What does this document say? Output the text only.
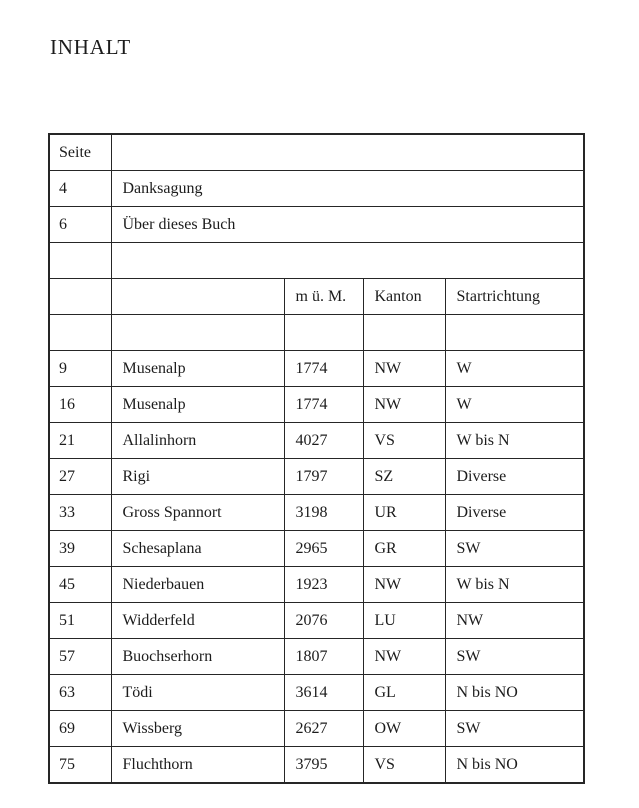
INHALT
Seite				
4	Danksagung			
6	Über dieses Buch			

		m ü. M.	Kanton	Startrichtung

9	Musenalp	1774	NW	W
16	Musenalp	1774	NW	W
21	Allalinhorn	4027	VS	W bis N
27	Rigi	1797	SZ	Diverse
33	Gross Spannort	3198	UR	Diverse
39	Schesaplana	2965	GR	SW
45	Niederbauen	1923	NW	W bis N
51	Widderfeld	2076	LU	NW
57	Buochserhorn	1807	NW	SW
63	Tödi	3614	GL	N bis NO
69	Wissberg	2627	OW	SW
75	Fluchthorn	3795	VS	N bis NO
